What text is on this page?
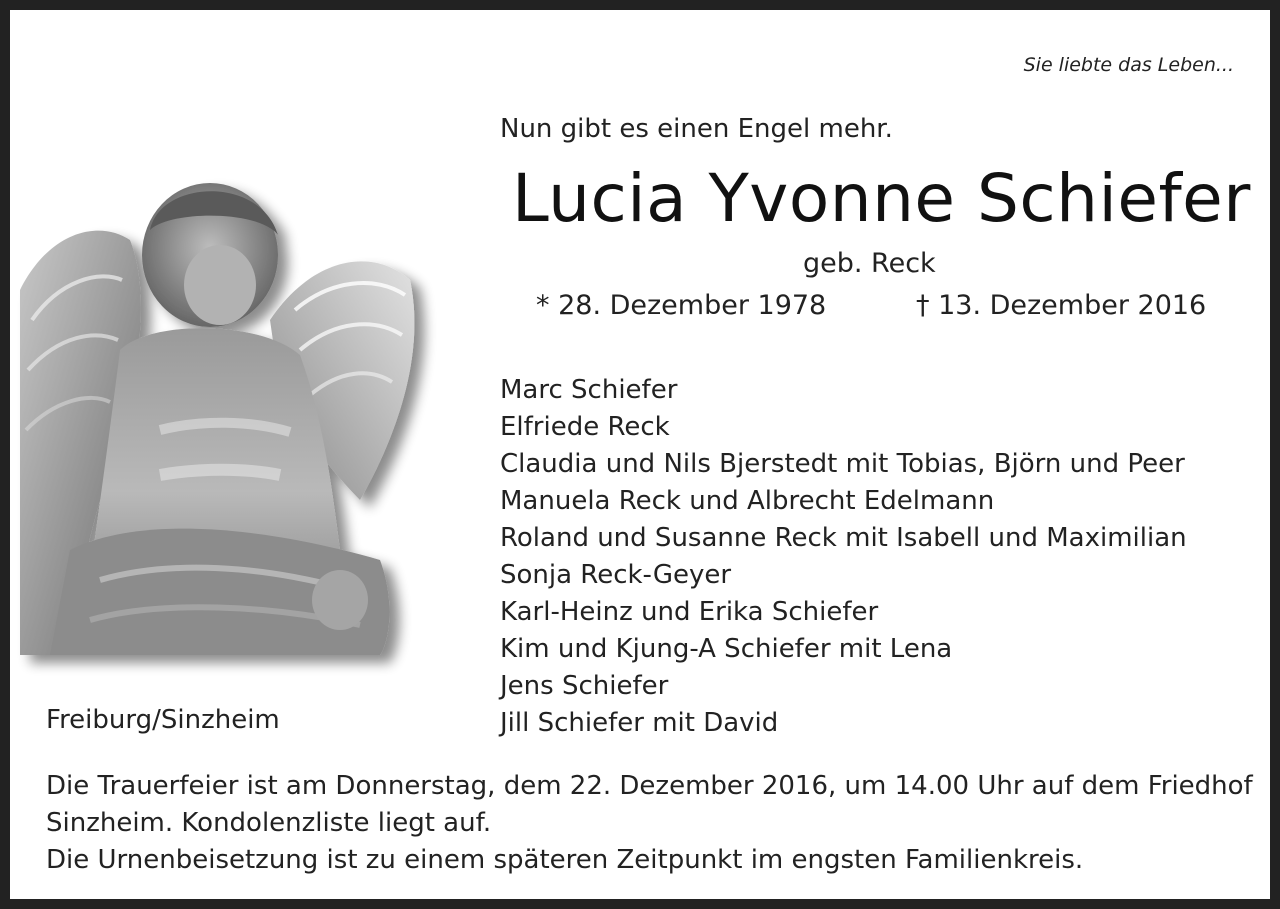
Sie liebte das Leben...
Nun gibt es einen Engel mehr.
Lucia Yvonne Schiefer
geb. Reck
* 28. Dezember 1978	† 13. Dezember 2016
Marc Schiefer
Elfriede Reck
Claudia und Nils Bjerstedt mit Tobias, Björn und Peer
Manuela Reck und Albrecht Edelmann
Roland und Susanne Reck mit Isabell und Maximilian
Sonja Reck-Geyer
Karl-Heinz und Erika Schiefer
Kim und Kjung-A Schiefer mit Lena
Jens Schiefer
Jill Schiefer mit David
Freiburg/Sinzheim

Die Trauerfeier ist am Donnerstag, dem 22. Dezember 2016, um 14.00 Uhr auf dem Friedhof

Sinzheim. Kondolenzliste liegt auf.

Die Urnenbeisetzung ist zu einem späteren Zeitpunkt im engsten Familienkreis.
